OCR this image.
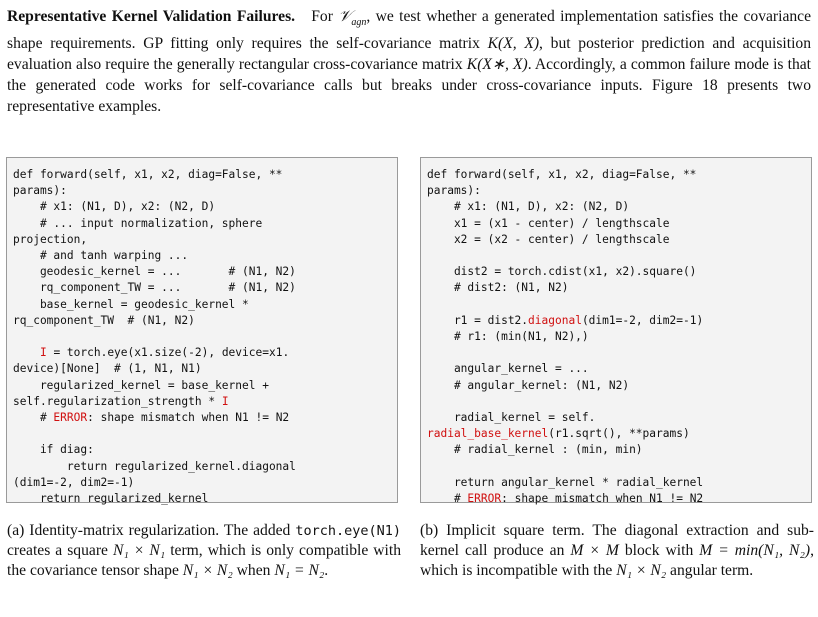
Representative Kernel Validation Failures. For 𝒱$_{agn}$, we test whether a generated implementation satisfies the covariance shape requirements. GP fitting only requires the self-covariance matrix K(X, X), but posterior prediction and acquisition evaluation also require the generally rectangular cross-covariance matrix K(X∗, X). Accordingly, a common failure mode is that the generated code works for self-covariance calls but breaks under cross-covariance inputs. Figure 18 presents two representative examples.
def forward(self, x1, x2, diag=False, **
params):
# x1: (N1, D), x2: (N2, D)
# ... input normalization, sphere
projection,
# and tanh warping ...
geodesic_kernel = ...       # (N1, N2)
rq_component_TW = ...       # (N1, N2)
base_kernel = geodesic_kernel *
rq_component_TW  # (N1, N2)

I = torch.eye(x1.size(-2), device=x1.
device)[None]  # (1, N1, N1)
regularized_kernel = base_kernel +
self.regularization_strength * I
# ERROR: shape mismatch when N1 != N2

if diag:
return regularized_kernel.diagonal
(dim1=-2, dim2=-1)
return regularized_kernel
def forward(self, x1, x2, diag=False, **
params):
# x1: (N1, D), x2: (N2, D)
x1 = (x1 - center) / lengthscale
x2 = (x2 - center) / lengthscale

dist2 = torch.cdist(x1, x2).square()
# dist2: (N1, N2)

r1 = dist2.diagonal(dim1=-2, dim2=-1)
# r1: (min(N1, N2),)

angular_kernel = ...
# angular_kernel: (N1, N2)

radial_kernel = self.
radial_base_kernel(r1.sqrt(), **params)
# radial_kernel : (min, min)

return angular_kernel * radial_kernel
# ERROR: shape mismatch when N1 != N2
(a) Identity-matrix regularization. The added torch.eye(N1) creates a square N₁ × N₁ term, which is only compatible with the covariance tensor shape N₁ × N₂ when N₁ = N₂.
(b) Implicit square term. The diagonal extraction and sub-kernel call produce an M × M block with M = min(N₁, N₂), which is incompatible with the N₁ × N₂ angular term.
